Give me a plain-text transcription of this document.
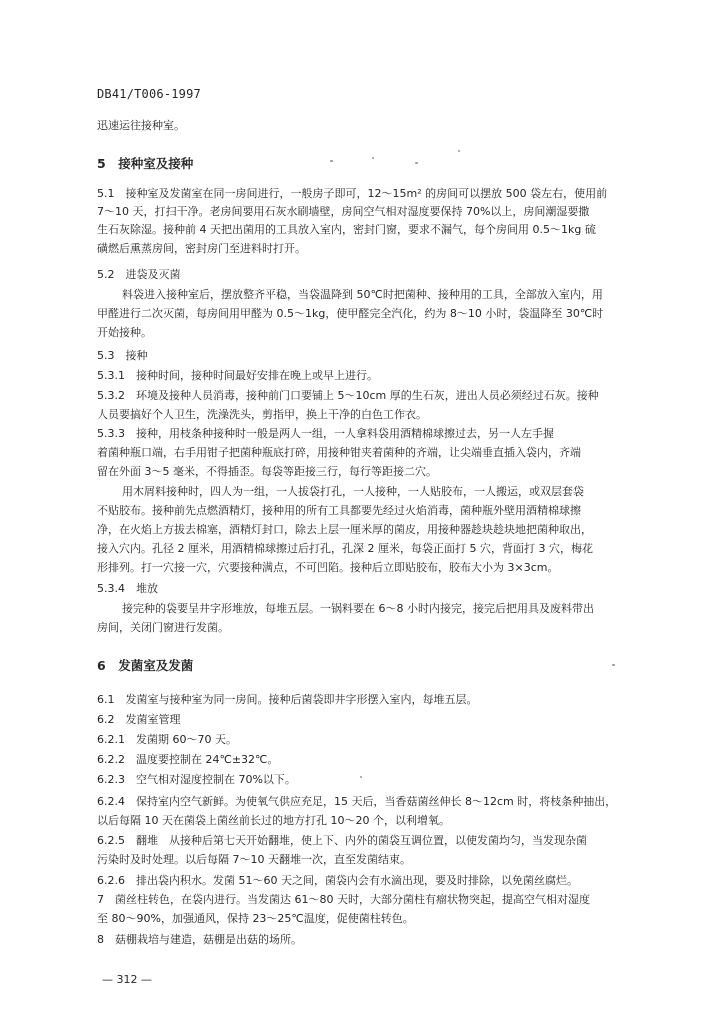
DB41/T006-1997
迅速运往接种室。
5　接种室及接种
5.1　接种室及发菌室在同一房间进行，一般房子即可，12～15m² 的房间可以摆放 500 袋左右，使用前
7～10 天，打扫干净。老房间要用石灰水刷墙壁，房间空气相对湿度要保持 70%以上，房间潮湿要撒
生石灰除湿。接种前 4 天把出菌用的工具放入室内，密封门窗，要求不漏气，每个房间用 0.5～1kg 硫
磺燃后熏蒸房间，密封房门至进料时打开。
5.2　进袋及灭菌
料袋进入接种室后，摆放整齐平稳，当袋温降到 50℃时把菌种、接种用的工具，全部放入室内，用
甲醛进行二次灭菌，每房间用甲醛为 0.5～1kg，使甲醛完全汽化，约为 8～10 小时，袋温降至 30℃时
开始接种。
5.3　接种
5.3.1　接种时间，接种时间最好安排在晚上或早上进行。
5.3.2　环境及接种人员消毒，接种前门口要铺上 5～10cm 厚的生石灰，进出人员必须经过石灰。接种
人员要搞好个人卫生，洗澡洗头，剪指甲，换上干净的白色工作衣。
5.3.3　接种，用枝条种接种时一般是两人一组，一人拿料袋用酒精棉球擦过去，另一人左手握
着菌种瓶口端，右手用钳子把菌种瓶底打碎，用接种钳夹着菌种的齐端，让尖端垂直插入袋内，齐端
留在外面 3～5 毫米，不得插歪。每袋等距接三行，每行等距接二穴。
用木屑料接种时，四人为一组，一人拔袋打孔，一人接种，一人贴胶布，一人搬运，或双层套袋
不贴胶布。接种前先点燃酒精灯，接种用的所有工具都要先经过火焰消毒，菌种瓶外壁用酒精棉球擦
净，在火焰上方拔去棉塞，酒精灯封口，除去上层一厘米厚的菌皮，用接种器趁块趁块地把菌种取出，
接入穴内。孔径 2 厘米，用酒精棉球擦过后打孔，孔深 2 厘米，每袋正面打 5 穴，背面打 3 穴，梅花
形排列。打一穴接一穴，穴要接种满点，不可凹陷。接种后立即贴胶布，胶布大小为 3×3cm。
5.3.4　堆放
接完种的袋要呈井字形堆放，每堆五层。一锅料要在 6～8 小时内接完，接完后把用具及废料带出
房间，关闭门窗进行发菌。
6　发菌室及发菌
6.1　发菌室与接种室为同一房间。接种后菌袋即井字形摆入室内，每堆五层。
6.2　发菌室管理
6.2.1　发菌期 60～70 天。
6.2.2　温度要控制在 24℃±32℃。
6.2.3　空气相对湿度控制在 70%以下。
6.2.4　保持室内空气新鲜。为使氧气供应充足，15 天后，当香菇菌丝伸长 8～12cm 时，将枝条种抽出，
以后每隔 10 天在菌袋上菌丝前长过的地方打孔 10～20 个，以利增氧。
6.2.5　翻堆　从接种后第七天开始翻堆，使上下、内外的菌袋互调位置，以使发菌均匀，当发现杂菌
污染时及时处理。以后每隔 7～10 天翻堆一次，直至发菌结束。
6.2.6　排出袋内积水。发菌 51～60 天之间，菌袋内会有水滴出现，要及时排除，以免菌丝腐烂。
7　菌丝柱转色，在袋内进行。当发菌达 61～80 天时，大部分菌柱有瘤状物突起，提高空气相对湿度
至 80～90%，加强通风，保持 23～25℃温度，促使菌柱转色。
8　菇棚栽培与建造，菇棚是出菇的场所。
— 312 —
